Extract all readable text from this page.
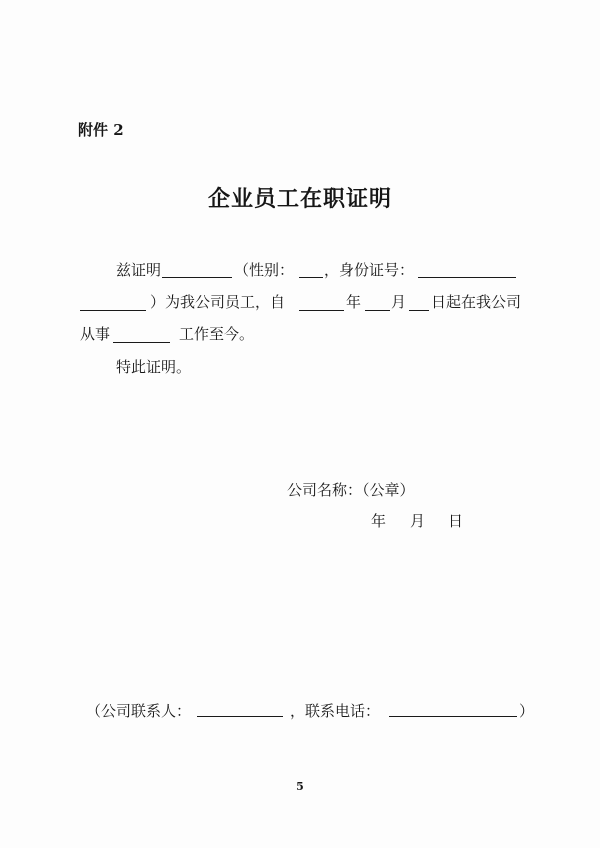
附件 2
企业员工在职证明
兹证明	（性别： ，身份证号：
）为我公司员工，自	年 月 日起在我公司
从事	工作至今。
特此证明。
公司名称：（公章）
年 月 日
（公司联系人：	，联系电话：	）
5
